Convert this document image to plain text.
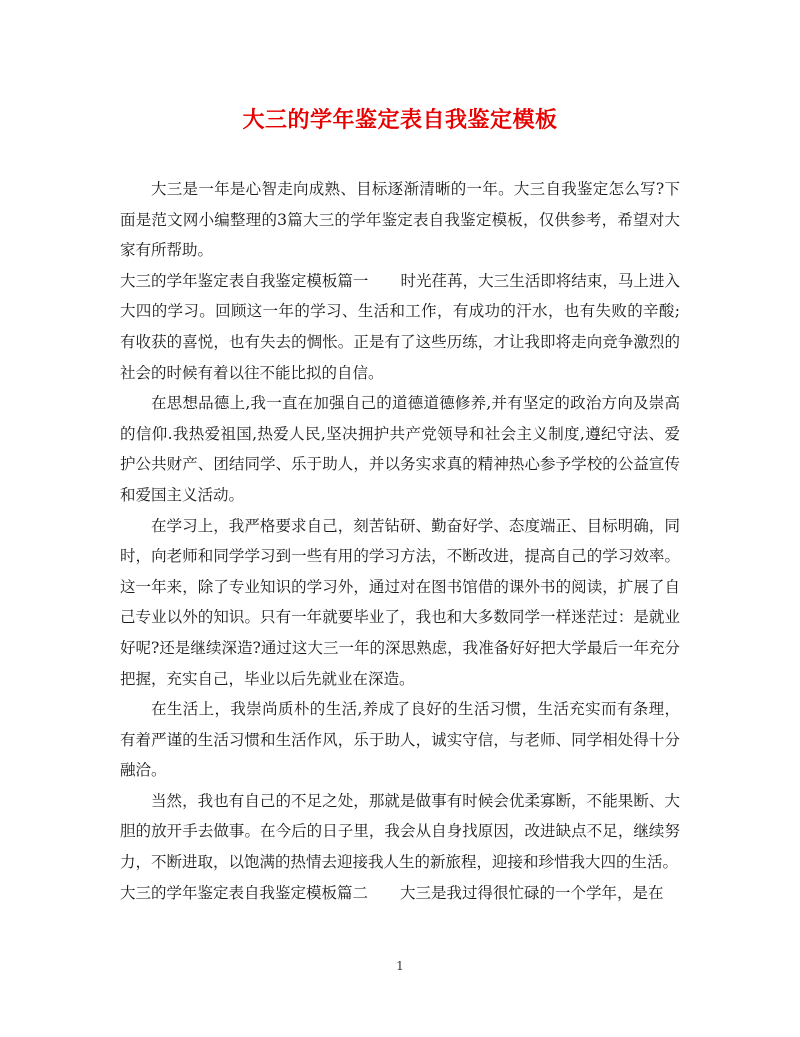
大三的学年鉴定表自我鉴定模板

大三是一年是心智走向成熟、目标逐渐清晰的一年。大三自我鉴定怎么写?下面是范文网小编整理的3篇大三的学年鉴定表自我鉴定模板，仅供参考，希望对大家有所帮助。

大三的学年鉴定表自我鉴定模板篇一 时光荏苒，大三生活即将结束，马上进入大四的学习。回顾这一年的学习、生活和工作，有成功的汗水，也有失败的辛酸;有收获的喜悦，也有失去的惆怅。正是有了这些历练，才让我即将走向竞争激烈的社会的时候有着以往不能比拟的自信。

在思想品德上,我一直在加强自己的道德道德修养,并有坚定的政治方向及崇高的信仰.我热爱祖国,热爱人民,坚决拥护共产党领导和社会主义制度,遵纪守法、爱护公共财产、团结同学、乐于助人，并以务实求真的精神热心参予学校的公益宣传和爱国主义活动。

在学习上，我严格要求自己，刻苦钻研、勤奋好学、态度端正、目标明确，同时，向老师和同学学习到一些有用的学习方法，不断改进，提高自己的学习效率。这一年来，除了专业知识的学习外，通过对在图书馆借的课外书的阅读，扩展了自己专业以外的知识。只有一年就要毕业了，我也和大多数同学一样迷茫过：是就业好呢?还是继续深造?通过这大三一年的深思熟虑，我准备好好把大学最后一年充分把握，充实自己，毕业以后先就业在深造。

在生活上，我崇尚质朴的生活,养成了良好的生活习惯，生活充实而有条理，有着严谨的生活习惯和生活作风，乐于助人，诚实守信，与老师、同学相处得十分融洽。

当然，我也有自己的不足之处，那就是做事有时候会优柔寡断，不能果断、大胆的放开手去做事。在今后的日子里，我会从自身找原因，改进缺点不足，继续努力，不断进取，以饱满的热情去迎接我人生的新旅程，迎接和珍惜我大四的生活。

大三的学年鉴定表自我鉴定模板篇二 大三是我过得很忙碌的一个学年，是在

1
